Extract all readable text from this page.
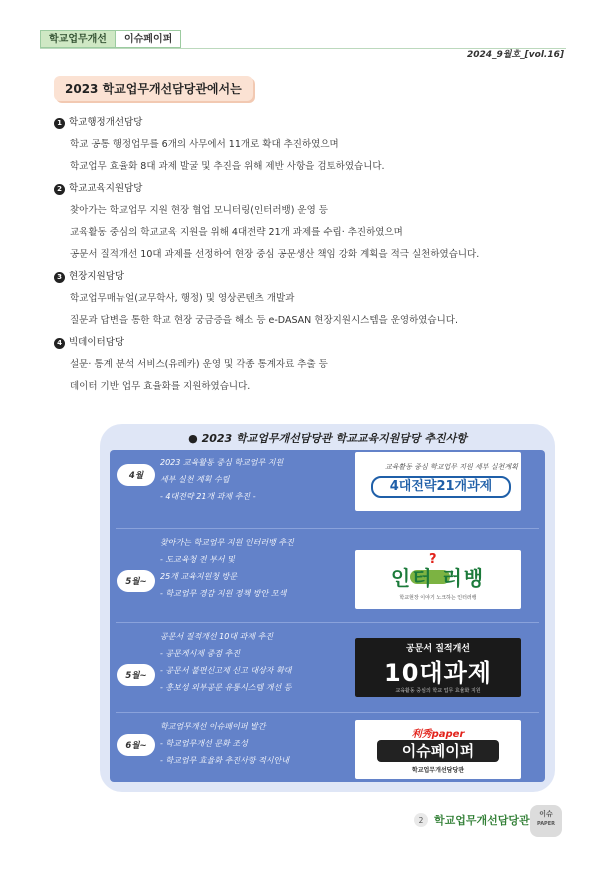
학교업무개선	이슈페이퍼
2024_9월호_[vol.16]
2023 학교업무개선담당관에서는
1 학교행정개선담당
학교 공통 행정업무를 6개의 사무에서 11개로 확대 추진하였으며
학교업무 효율화 8대 과제 발굴 및 추진을 위해 제반 사항을 검토하였습니다.
2 학교교육지원담당
찾아가는 학교업무 지원 현장 협업 모니터링(인터러뱅) 운영 등
교육활동 중심의 학교교육 지원을 위해 4대전략 21개 과제를 수립· 추진하였으며
공문서 질적개선 10대 과제를 선정하여 현장 중심 공문생산 책임 강화 계획을 적극 실천하였습니다.
3 현장지원담당
학교업무매뉴얼(교무학사, 행정) 및 영상콘텐츠 개발과
질문과 답변을 통한 학교 현장 궁금증을 해소 등 e-DASAN 현장지원시스템을 운영하였습니다.
4 빅데이터담당
설문· 통계 분석 서비스(유레카) 운영 및 각종 통계자료 추출 등
데이터 기반 업무 효율화를 지원하였습니다.
● 2023 학교업무개선담당관 학교교육지원담당 추진사항
4월
2023 교육활동 중심 학교업무 지원
세부 실천 계획 수립
- 4대전략 21개 과제 추진 -
교육활동 중심 학교업무 지원 세부 실천계획
4대전략21개과제
5월~
찾아가는 학교업무 지원 인터러뱅 추진
- 도교육청 전 부서 및
25개 교육지원청 방문
- 학교업무 경감 지원 정책 방안 모색
?
인터 러뱅
학교현장 이야기 노크하는 인터러뱅
5월~
공문서 질적개선 10대 과제 추진
- 공문게시제 중점 추진
- 공문서 불편신고제 신고 대상자 확대
- 홍보성 외부공문 유통시스템 개선 등
공문서 질적개선
10대과제
교육활동 중심의 학교 업무 효율화 지원
6월~
학교업무개선 이슈페이퍼 발간
- 학교업무개선 문화 조성
- 학교업무 효율화 추진사항 적시안내
利秀paper
이슈페이퍼
학교업무개선담당관
2 학교업무개선담당관	이슈
PAPER
